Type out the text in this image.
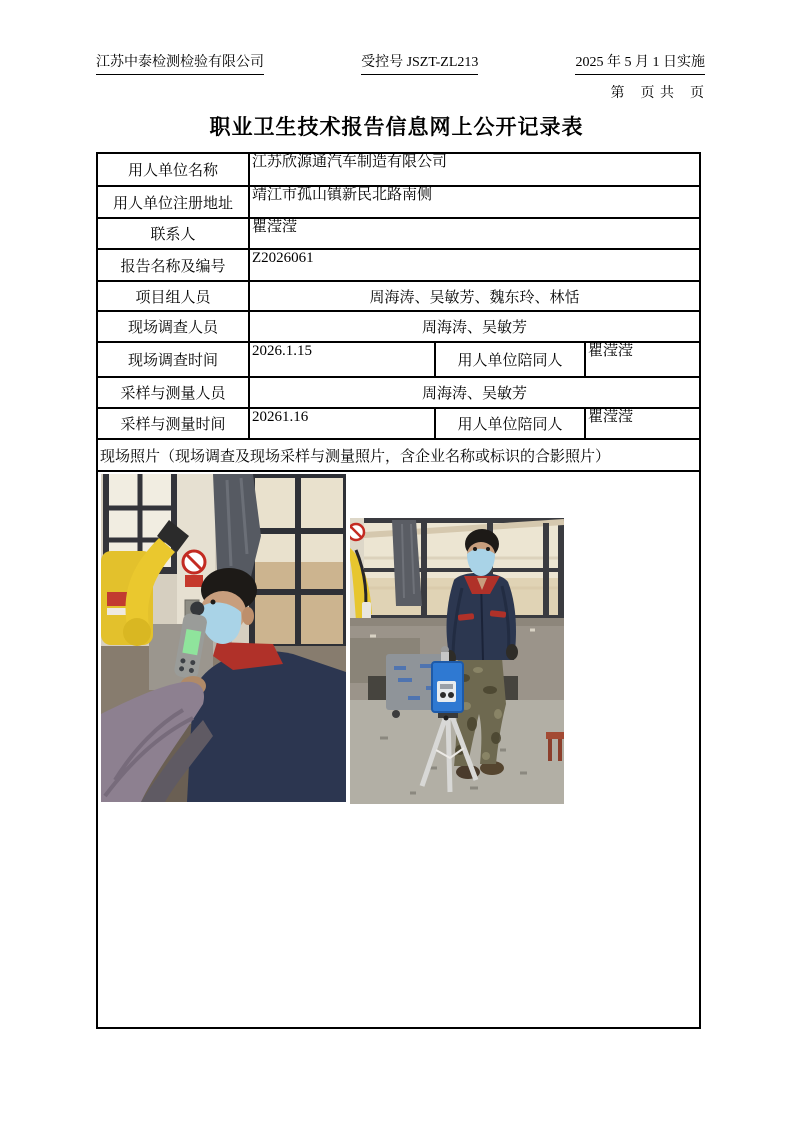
江苏中泰检测检验有限公司	受控号 JSZT-ZL213	2025 年 5 月 1 日实施
第　页 共　页
职业卫生技术报告信息网上公开记录表
用人单位名称	江苏欣源通汽车制造有限公司		
用人单位注册地址	靖江市孤山镇新民北路南侧		
联系人	瞿滢滢		
报告名称及编号	Z2026061		
项目组人员	周海涛、吴敏芳、魏东玲、林恬		
现场调查人员	周海涛、吴敏芳		
现场调查时间	2026.1.15	用人单位陪同人	瞿滢滢
采样与测量人员	周海涛、吴敏芳		
采样与测量时间	20261.16	用人单位陪同人	瞿滢滢
现场照片（现场调查及现场采样与测量照片，含企业名称或标识的合影照片）			
